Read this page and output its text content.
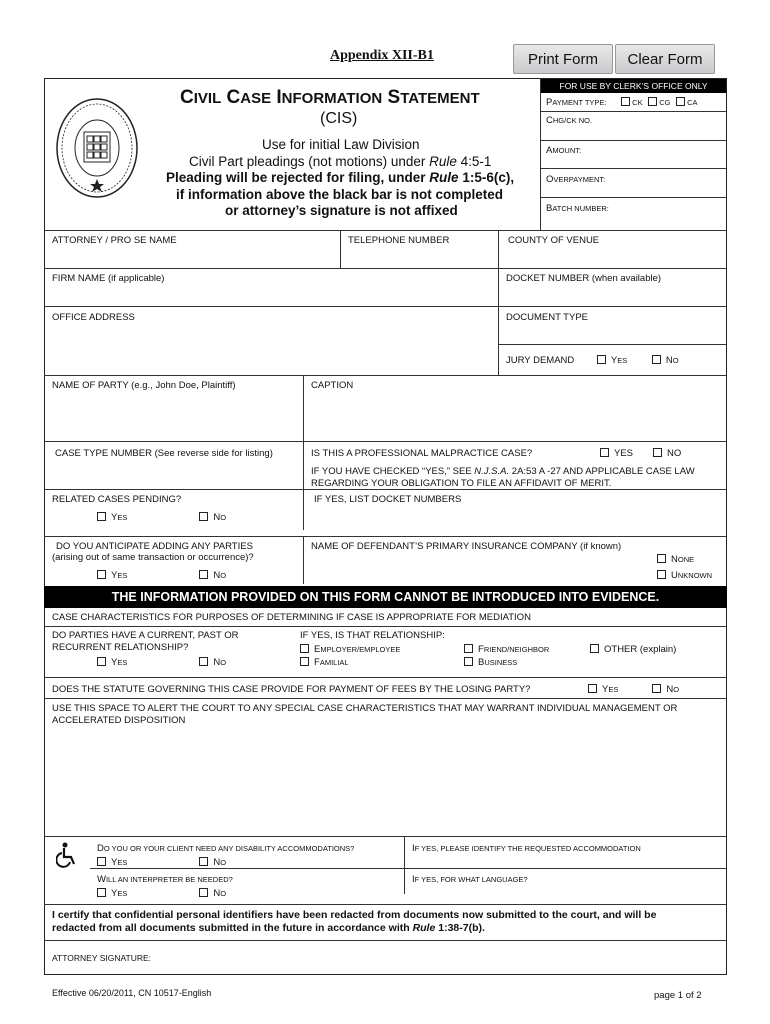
Appendix XII-B1	Print Form	Clear Form
CIVIL CASE INFORMATION STATEMENT
(CIS)
Use for initial Law Division
Civil Part pleadings (not motions) under Rule 4:5-1
Pleading will be rejected for filing, under Rule 1:5-6(c),
if information above the black bar is not completed
or attorney’s signature is not affixed
FOR USE BY CLERK’S OFFICE ONLY
PAYMENT TYPE:	CK CG CA
CHG/CK NO.
AMOUNT:
OVERPAYMENT:
BATCH NUMBER:
ATTORNEY / PRO SE NAME	TELEPHONE NUMBER	COUNTY OF VENUE
FIRM NAME (if applicable)	DOCKET NUMBER (when available)
OFFICE ADDRESS	DOCUMENT TYPE
JURY DEMAND	YES	NO
NAME OF PARTY (e.g., John Doe, Plaintiff)	CAPTION
CASE TYPE NUMBER (See reverse side for listing)	IS THIS A PROFESSIONAL MALPRACTICE CASE?	YES	NO
IF YOU HAVE CHECKED “YES,” SEE N.J.S.A. 2A:53 A -27 AND APPLICABLE CASE LAW
REGARDING YOUR OBLIGATION TO FILE AN AFFIDAVIT OF MERIT.
RELATED CASES PENDING?	IF YES, LIST DOCKET NUMBERS
YES	NO
DO YOU ANTICIPATE ADDING ANY PARTIES
(arising out of same transaction or occurrence)?
YES	NO
NAME OF DEFENDANT’S PRIMARY INSURANCE COMPANY (if known)
NONE
UNKNOWN
THE INFORMATION PROVIDED ON THIS FORM CANNOT BE INTRODUCED INTO EVIDENCE.
CASE CHARACTERISTICS FOR PURPOSES OF DETERMINING IF CASE IS APPROPRIATE FOR MEDIATION
DO PARTIES HAVE A CURRENT, PAST OR
RECURRENT RELATIONSHIP?
YES	NO
IF YES, IS THAT RELATIONSHIP:
EMPLOYER/EMPLOYEE	FRIEND/NEIGHBOR	OTHER (explain)
FAMILIAL	BUSINESS
DOES THE STATUTE GOVERNING THIS CASE PROVIDE FOR PAYMENT OF FEES BY THE LOSING PARTY?	YES	NO
USE THIS SPACE TO ALERT THE COURT TO ANY SPECIAL CASE CHARACTERISTICS THAT MAY WARRANT INDIVIDUAL MANAGEMENT OR
ACCELERATED DISPOSITION
DO YOU OR YOUR CLIENT NEED ANY DISABILITY ACCOMMODATIONS?
YES	NO
IF YES, PLEASE IDENTIFY THE REQUESTED ACCOMMODATION
WILL AN INTERPRETER BE NEEDED?
YES	NO
IF YES, FOR WHAT LANGUAGE?
I certify that confidential personal identifiers have been redacted from documents now submitted to the court, and will be
redacted from all documents submitted in the future in accordance with Rule 1:38-7(b).
ATTORNEY SIGNATURE:
Effective 06/20/2011, CN 10517-English	page 1 of 2
